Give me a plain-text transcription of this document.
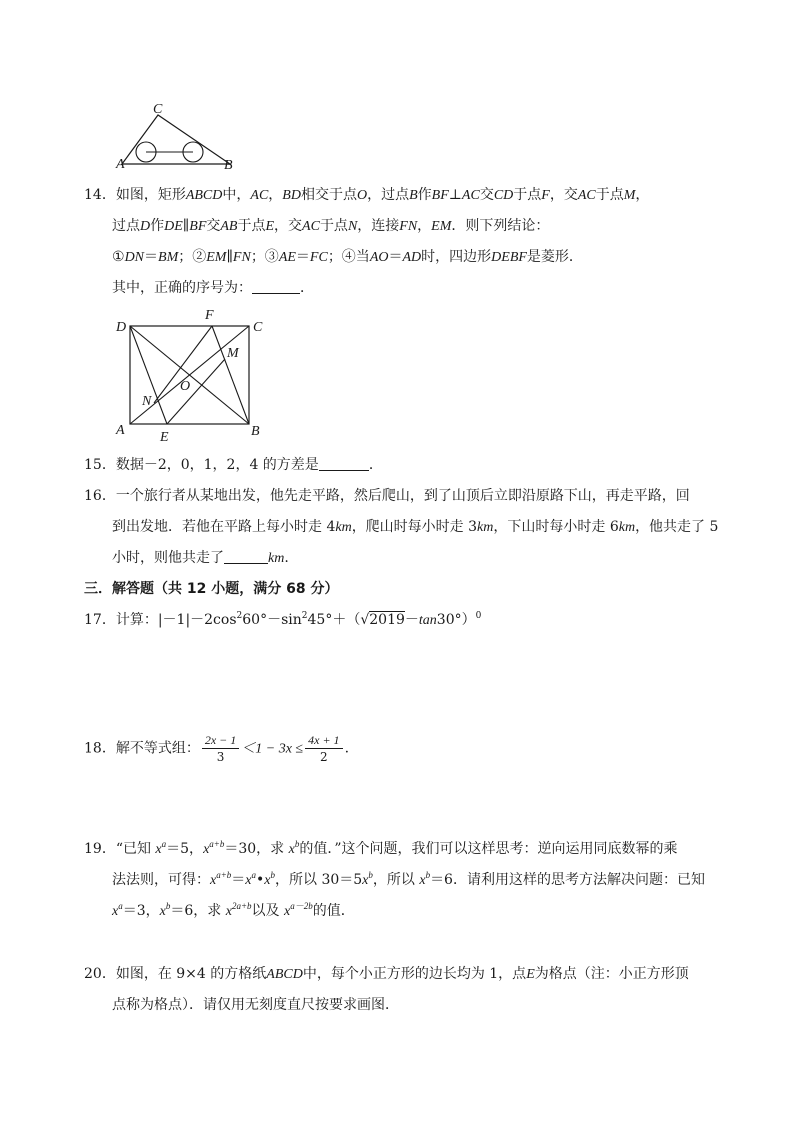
C
A	B
14．如图，矩形ABCD中，AC，BD相交于点O，过点B作BF⊥AC交CD于点F，交AC于点M，
过点D作DE∥BF交AB于点E，交AC于点N，连接FN，EM．则下列结论：
①DN＝BM；②EM∥FN；③AE＝FC；④当AO＝AD时，四边形DEBF是菱形．
其中，正确的序号为：	．
D
F
C
M
O
N
A	E	B
15．数据－2，0，1，2，4 的方差是	．
16．一个旅行者从某地出发，他先走平路，然后爬山，到了山顶后立即沿原路下山，再走平路，回
到出发地．若他在平路上每小时走 4km，爬山时每小时走 3km，下山时每小时走 6km，他共走了 5
小时，则他共走了	km.
三．解答题（共 12 小题，满分 68 分）
17．计算：$|-1|-2\cos^260^\circ-\sin^245^\circ+(√2019-\tan 30^\circ)^0$
18．解不等式组： $\frac{2x - 1}{3} <1 - 3x \le \frac{4x + 1}{2}$ .
19．“已知 $x^a=5$，$x^{a+b}=30$，求 $x^b$的值．”这个问题，我们可以这样思考：逆向运用同底数幂的乘
法法则，可得：$x^{a+b}=x^a•x^b$，所以 $30=5x^b$，所以 $x^b=6$．请利用这样的思考方法解决问题：已知
$x^a=3$，$x^b=6$，求 $x^{2a+b}$以及 $x^{a-2b}$的值．
20．如图，在 9×4 的方格纸ABCD中，每个小正方形的边长均为 1，点E为格点（注：小正方形顶
点称为格点）．请仅用无刻度直尺按要求画图．
